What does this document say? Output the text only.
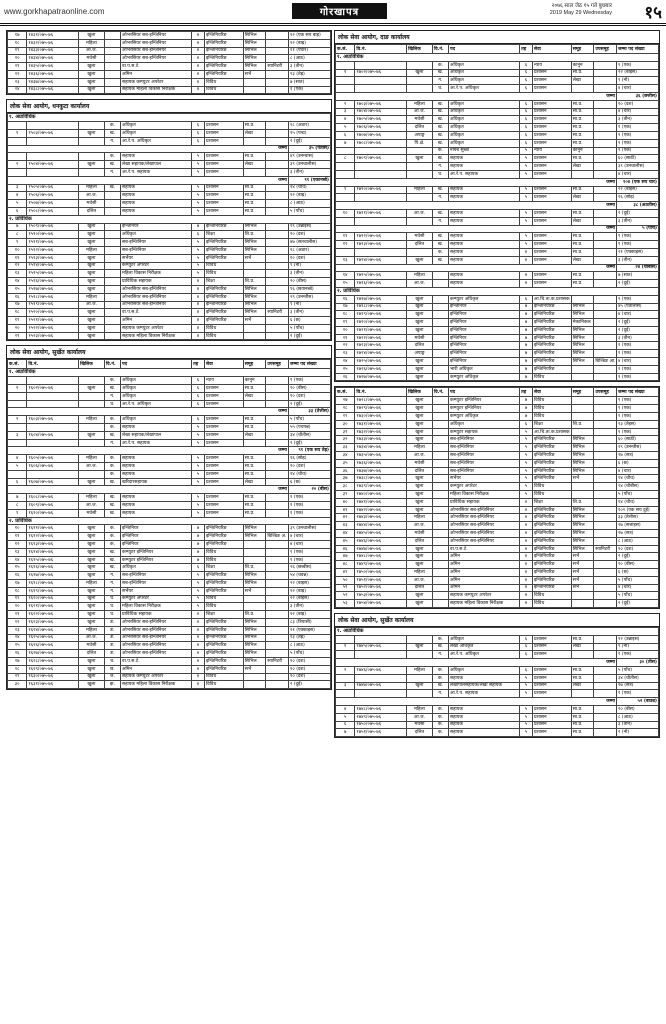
www.gorkhapatraonline.com	गोरखापत्र
२०७६ साल जेठ १५ गते बुधबार
2019 May 29 Wednesday १५
१७	१४३१/०७५-७६	खुला		ओभरसियर सब-इन्जिनियर	४	इन्जिनियरिङ	सिभिल		१२ (एक सय बाह्र)
१८	१४३२/०७५-७६	महिला		ओभरसियर सब-इन्जिनियर	४	इन्जिनियरिङ	सिभिल		१२ (बाह्र)
१९	१४३३/०७५-७६	आ.ज.		ओभरसियर सब-इन्जिनियर	४	इन्जिनियरिङ	सिभिल		११ (एघार)
२०	१४३४/०७५-७६	मधेसी		ओभरसियर सब-इन्जिनियर	४	इन्जिनियरिङ	सिभिल		८ (आठ)
२१	१४३५/०७५-७६	खुला		वा.प.स.टे.	४	इन्जिनियरिङ	सिभिल	स्यानिटरी	३ (तीन)
२२	१४३६/०७५-७६	खुला		अमिन	४	इन्जिनियरिङ	सर्भे		१३ (तेह्र)
२३	१४३७/०७५-७६	खुला		सहायक कम्प्युटर अपरेटर	४	विविध			७ (सात)
२४	१४३८/०७५-७६	खुला		सहायक महिला विकास निरीक्षक	४	विविध			१ (एक)
लोक सेवा आयोग, धनकुटा कार्यालय
१. अप्राविधिक									
			क.	अधिकृत	६	प्रशासन	सा.प्र.		१८ (अठार)
१	१५०३/०७५-७६	खुला	ख.	अधिकृत	६	प्रशासन	लेखा		१५ (पन्ध्र)
			ग.	आ.रे.प. अधिकृत	६	प्रशासन			२ (दुई)
जम्मा									३५ (पैंतीस)
			क.	सहायक	५	प्रशासन	सा.प्र.		४९ (उनन्चास)
२	१५०४/०७५-७६	खुला	ख.	लेखा सहायक/लेखापाल	५	प्रशासन	लेखा		३९ (उनचालीस)
			ग.	आ.रे.प. सहायक	५	प्रशासन			३ (तीन)
जम्मा									९१ (एकानब्बे)
३	१५०५/०७५-७६	महिला	ख.	सहायक	५	प्रशासन	सा.प्र.		१४ (चौध)
४	१५०६/०७५-७६	आ.ज.		सहायक	५	प्रशासन	सा.प्र.		१२ (बाह्र)
५	१५०७/०७५-७६	मधेसी		सहायक	५	प्रशासन	सा.प्र.		८ (आठ)
६	१५०८/०७५-७६	दलित		सहायक	५	प्रशासन	सा.प्र.		५ (पाँच)
२. प्राविधिक									
७	१५०९/०७५-७६	खुला		इन्जिनियर	७	इन्जिनियरिङ	सिभिल		१९ (उन्नाइस)
८	१५१०/०७५-७६	खुला		अधिकृत	६	शिक्षा	शि.प्र.		१० (दश)
९	१५११/०७५-७६	खुला		सब-इन्जिनियर	५	इन्जिनियरिङ	सिभिल		४७ (सतचालीस)
१०	१५१२/०७५-७६	महिला		सब-इन्जिनियर	५	इन्जिनियरिङ	सिभिल		१८ (अठार)
११	१५१३/०७५-७६	खुला		सर्भेयर	५	इन्जिनियरिङ	सर्भे		१० (दश)
१२	१५१४/०७५-७६	खुला		कम्प्युटर अपरेटर	५	विविध			९ (नौ)
१३	१५१५/०७५-७६	खुला		महिला विकास निरीक्षक	५	विविध			३ (तीन)
१४	१५१६/०७५-७६	खुला		प्राविधिक सहायक	४	शिक्षा	शि.प्र.		२० (बीस)
१५	१५१७/०७५-७६	खुला		ओभरसियर सब-इन्जिनियर	४	इन्जिनियरिङ	सिभिल		९६ (छयानब्बे)
१६	१५१८/०७५-७६	महिला		ओभरसियर सब-इन्जिनियर	४	इन्जिनियरिङ	सिभिल		२९ (उनन्तीस)
१७	१५१९/०७५-७६	आ.ज.		ओभरसियर सब-इन्जिनियर	४	इन्जिनियरिङ	सिभिल		९ (नौ)
१८	१५२०/०७५-७६	खुला		वा.प.स.टे.	४	इन्जिनियरिङ	सिभिल	स्यानिटरी	३ (तीन)
१९	१५२१/०७५-७६	खुला		अमिन	४	इन्जिनियरिङ	सर्भे		६ (छ)
२०	१५२२/०७५-७६	खुला		सहायक कम्प्युटर अपरेटर	४	विविध			५ (पाँच)
२१	१५२३/०७५-७६	खुला		सहायक महिला विकास निरीक्षक	४	विविध			२ (दुई)
लोक सेवा आयोग, सुर्खेत कार्यालय
क.सं.	वि.नं.	खिलिक	वि.नं.	पद	तह	सेवा	समूह	उपसमूह	जम्मा पद संख्या
१. अप्राविधिक									
			क.	अधिकृत	६	न्याय	कानुन		१ (एक)
१	१६०२/०७५-७६	खुला	ख.	अधिकृत	६	प्रशासन	सा.प्र.		२० (बीस)
			ग.	अधिकृत	६	प्रशासन	लेखा		१० (दश)
			घ.	आ.रे.प. अधिकृत	६	प्रशासन			२ (दुई)
जम्मा									३३ (तेत्तीस)
२	१६०३/०७५-७६	महिला	क.	अधिकृत	६	प्रशासन	सा.प्र.		५ (पाँच)
			क.	सहायक	५	प्रशासन	सा.प्र.		५५ (पचपन्न)
३	१६०४/०७५-७६	खुला	ख.	लेखा सहायक/लेखापाल	५	प्रशासन	लेखा		३४ (चौतीस)
			ग.	आ.रे.प. सहायक	५	प्रशासन			२ (दुई)
जम्मा									९१ (एक सय तेह्र)
४	१६०५/०७५-७६	महिला	क.	सहायक	५	प्रशासन	सा.प्र.		१६ (सोह्र)
५	१६०६/०७५-७६	आ.ज.	क.	सहायक	५	प्रशासन	सा.प्र.		१० (दश)
			क.	सहायक	५	प्रशासन	सा.प्र.		१४ (चौध)
६	१६०७/०७५-७६	खुला	ख.	खरिदारसहायक	५	प्रशासन	लेखा		६ (छ)
जम्मा									२० (बीस)
७	१६०८/०७५-७६	महिला	ख.	सहायक	५	प्रशासन	सा.प्र.		१ (एक)
८	१६०९/०७५-७६	आ.ज.	ख.	सहायक	५	प्रशासन	सा.प्र.		१ (एक)
९	१६१०/०७५-७६	मधेसी	ख.	सहायक	५	प्रशासन	सा.प्र.		१ (एक)
२. प्राविधिक									
१०	१६११/०७५-७६	खुला	क.	इन्जिनियर	७	इन्जिनियरिङ	सिभिल		३९ (उनचालीस)
११	१६१२/०७५-७६	खुला	क.	इन्जिनियर	७	इन्जिनियरिङ	सिभिल	बिल्डिङ अ.	४ (चार)
१२	१६१३/०७५-७६	खुला	क.	इन्जिनियर	७	इन्जिनियरिङ			४ (चार)
१३	१६१४/०७५-७६	खुला	ख.	कम्प्युटर इन्जिनियर	७	विविध			१ (एक)
१४	१६१५/०७५-७६	खुला	ख.	कम्प्युटर इन्जिनियर	७	विविध			१ (एक)
१५	१६१६/०७५-७६	खुला	ख.	अधिकृत	६	शिक्षा	शि.प्र.		२६ (छब्बीस)
१६	१६१७/०७५-७६	खुला	ग.	सब-इन्जिनियर	५	इन्जिनियरिङ	सिभिल		५४ (चवन्न)
१७	१६१८/०७५-७६	महिला	ग.	सब-इन्जिनियर	५	इन्जिनियरिङ	सिभिल		२२ (बाइस)
१८	१६१९/०७५-७६	खुला	ग.	सर्भेयर	५	इन्जिनियरिङ	सर्भे		१२ (बाह्र)
१९	१६२०/०७५-७६	खुला	घ.	कम्प्युटर अपरेटर	५	विविध			२२ (बाइस)
२०	१६२१/०७५-७६	खुला	घ.	महिला विकास निरीक्षक	५	विविध			३ (तीन)
२१	१६२२/०७५-७६	खुला	घ.	प्राविधिक सहायक	४	शिक्षा	शि.प्र.		१२ (बाह्र)
२२	१६२३/०७५-७६	खुला	ङ.	ओभरसियर सब-इन्जिनियर	४	इन्जिनियरिङ	सिभिल		८३ (त्रियासी)
२३	१६२४/०७५-७६	महिला	ङ.	ओभरसियर सब-इन्जिनियर	४	इन्जिनियरिङ	सिभिल		२१ (एक्काइस)
२४	१६२५/०७५-७६	आ.ज.	ङ.	ओभरसियर सब-इन्जिनियर	४	इन्जिनियरिङ	सिभिल		१३ (तेह्र)
२५	१६२६/०७५-७६	मधेसी	ङ.	ओभरसियर सब-इन्जिनियर	४	इन्जिनियरिङ	सिभिल		८ (आठ)
२६	१६२७/०७५-७६	दलित	ङ.	ओभरसियर सब-इन्जिनियर	४	इन्जिनियरिङ	सिभिल		५ (पाँच)
२७	१६२८/०७५-७६	खुला	च.	वा.प.स.टे.	४	इन्जिनियरिङ	सिभिल	स्यानिटरी	१० (दश)
२८	१६२९/०७५-७६	खुला	छ.	अमिन	४	इन्जिनियरिङ	सर्भे		१० (दश)
२९	१६३०/०७५-७६	खुला	ज.	सहायक कम्प्युटर अपरेटर	४	विविध			१० (दश)
३०	१६३१/०७५-७६	खुला	झ.	सहायक महिला विकास निरीक्षक	४	विविध			२ (दुई)
लोक सेवा आयोग, दाङ कार्यालय
क.सं.	वि.नं.	खिलिक	वि.नं.	पद	तह	सेवा	समूह	उपसमूह	जम्मा पद संख्या
१. अप्राविधिक									
			क.	अधिकृत	६	न्याय	कानुन		१ (एक)
१	१७०२/०७५-७६	खुला	ख.	अधिकृत	६	प्रशासन	सा.प्र.		२२ (बाइस)
			ग.	अधिकृत	६	प्रशासन	लेखा		९ (नौ)
			घ.	आ.रे.प. अधिकृत	६	प्रशासन			४ (चार)
जम्मा									३६ (छत्तीस)
२	१७०३/०७५-७६	महिला	ख.	अधिकृत	६	प्रशासन	सा.प्र.		१० (दश)
३	१७०४/०७५-७६	आ.ज.	ख.	अधिकृत	६	प्रशासन	सा.प्र.		४ (चार)
४	१७०५/०७५-७६	मधेसी	ख.	अधिकृत	६	प्रशासन	सा.प्र.		३ (तीन)
५	१७०६/०७५-७६	दलित	ख.	अधिकृत	६	प्रशासन	सा.प्र.		१ (एक)
६	१७०७/०७५-७६	अपाङ्ग	ख.	अधिकृत	६	प्रशासन	सा.प्र.		१ (एक)
७	१७०८/०७५-७६	पि.क्षे.	ख.	अधिकृत	६	प्रशासन	सा.प्र.		१ (एक)
			क.	नायब सुब्बा	५	न्याय	कानुन		१ (एक)
८	१७०९/०७५-७६	खुला	ख.	सहायक	५	प्रशासन	सा.प्र.		६० (साठी)
			ग.	सहायक	५	प्रशासन	लेखा		३९ (उनचालीस)
			घ.	आ.रे.प. सहायक	५	प्रशासन			४ (चार)
जम्मा									१०४ (एक सय चार)
९	१७१०/०७५-७६	महिला	ख.	सहायक	५	प्रशासन	सा.प्र.		२२ (बाइस)
			ग.	सहायक	५	प्रशासन	लेखा		१६ (सोह्र)
जम्मा									३८ (अठतीस)
१०	१७११/०७५-७६	आ.ज.	ख.	सहायक	५	प्रशासन	सा.प्र.		२ (दुई)
			ग.	सहायक	५	प्रशासन	लेखा		३ (तीन)
जम्मा									५ (पाँच)
११	१७१२/०७५-७६	मधेसी	ख.	सहायक	५	प्रशासन	सा.प्र.		१ (एक)
१२	१७१३/०७५-७६	दलित	ख.	सहायक	५	प्रशासन	सा.प्र.		१ (एक)
			क.	सहायक	४	प्रशासन	सा.प्र.		२१ (एक्काइस)
१३	१७१४/०७५-७६	खुला	ख.	सहायक	४	प्रशासन	लेखा		३ (तीन)
जम्मा									२४ (चौबीस)
१४	१७१५/०७५-७६	महिला		सहायक	४	प्रशासन	सा.प्र.		७ (सात)
१५	१७१६/०७५-७६	आ.ज.		सहायक	४	प्रशासन	सा.प्र.		२ (दुई)
२. प्राविधिक									
१६	१७१७/०७५-७६	खुला		कम्प्युटर अधिकृत	६	आ.चि.ता.क.प्रशासक			१ (एक)
१७	१७१८/०७५-७६	खुला		इन्जिनियर	७	इन्जिनियरिङ	सिभिल		४५ (पैंतालीस)
१८	१७१९/०७५-७६	खुला		इन्जिनियर	७	इन्जिनियरिङ	सिभिल		४ (चार)
१९	१७२०/०७५-७६	खुला		इन्जिनियर	७	इन्जिनियरिङ	मेकानिकल		२ (दुई)
२०	१७२१/०७५-७६	खुला		इन्जिनियर	७	इन्जिनियरिङ	सिभिल		२ (दुई)
२१	१७२२/०७५-७६	मधेसी		इन्जिनियर	७	इन्जिनियरिङ	सिभिल		३ (तीन)
२२	१७२३/०७५-७६	दलित		इन्जिनियर	७	इन्जिनियरिङ	सिभिल		१ (एक)
२३	१७२४/०७५-७६	अपाङ्ग		इन्जिनियर	७	इन्जिनियरिङ	सिभिल		१ (एक)
२४	१७२५/०७५-७६	खुला		इन्जिनियर	७	इन्जिनियरिङ	सिभिल	बिल्डिङ आ.	४ (चार)
२५	१७२६/०७५-७६	खुला		भारी अधिकृत	७	इन्जिनियरिङ			१ (एक)
२६	१७२७/०७५-७६	खुला		कम्प्युटर अधिकृत	७	विविध			१ (एक)
क.सं.	वि.नं.	खिलिक	वि.नं.	पद	तह	सेवा	समूह	उपसमूह	जम्मा पद संख्या
२७	१७२८/०७५-७६	खुला		कम्प्युटर इन्जिनियर	७	विविध			१ (एक)
२८	१७२९/०७५-७६	खुला		कम्प्युटर इन्जिनियर	७	विविध			१ (एक)
२९	१७३०/०७५-७६	खुला		कम्प्युटर अधिकृत	७	विविध			१ (एक)
३०	१७३१/०७५-७६	खुला		अधिकृत	६	शिक्षा	शि.प्र.		२३ (तेइस)
३१	१७३२/०७५-७६	खुला		कम्प्युटर सहायक	५	आ.चि.ता.क.प्रशासक			१ (एक)
३२	१७३३/०७५-७६	खुला		सब-इन्जिनियर	५	इन्जिनियरिङ	सिभिल		६० (साठी)
३३	१७३४/०७५-७६	महिला		सब-इन्जिनियर	५	इन्जिनियरिङ	सिभिल		२९ (उनन्तीस)
३४	१७३५/०७५-७६	आ.ज.		सब-इन्जिनियर	५	इन्जिनियरिङ	सिभिल		१७ (सत्र)
३५	१७३६/०७५-७६	मधेसी		सब-इन्जिनियर	५	इन्जिनियरिङ	सिभिल		६ (छ)
३६	१७३७/०७५-७६	दलित		सब-इन्जिनियर	५	इन्जिनियरिङ	सिभिल		४ (चार)
३७	१७३८/०७५-७६	खुला		सर्भेयर	५	इन्जिनियरिङ	सर्भे		१४ (चौध)
३८	१७३९/०७५-७६	खुला		कम्प्युटर अपरेटर	५	विविध			२४ (चौबीस)
३९	१७४०/०७५-७६	खुला		महिला विकास निरीक्षक	५	विविध			५ (पाँच)
४०	१७४१/०७५-७६	खुला		प्राविधिक सहायक	४	शिक्षा	शि.प्र.		१४ (चौध)
४१	१७४२/०७५-७६	खुला		ओभरसियर सब-इन्जिनियर	४	इन्जिनियरिङ	सिभिल		१०२ (एक सय दुई)
४२	१७४३/०७५-७६	महिला		ओभरसियर सब-इन्जिनियर	४	इन्जिनियरिङ	सिभिल		३३ (तेत्तीस)
४३	१७४४/०७५-७६	आ.ज.		ओभरसियर सब-इन्जिनियर	४	इन्जिनियरिङ	सिभिल		२७ (सत्ताइस)
४४	१७४५/०७५-७६	मधेसी		ओभरसियर सब-इन्जिनियर	४	इन्जिनियरिङ	सिभिल		१७ (सत्र)
४५	१७४६/०७५-७६	दलित		ओभरसियर सब-इन्जिनियर	४	इन्जिनियरिङ	सिभिल		८ (आठ)
४६	१७४७/०७५-७६	खुला		वा.प.स.टे.	४	इन्जिनियरिङ	सिभिल	स्यानिटरी	१० (दश)
४७	१७४८/०७५-७६	खुला		अमिन	४	इन्जिनियरिङ	सर्भे		२ (दुई)
४८	१७४९/०७५-७६	खुला		अमिन	४	इन्जिनियरिङ	सर्भे		२० (बीस)
४९	१७५०/०७५-७६	महिला		अमिन	४	इन्जिनियरिङ	सर्भे		६ (छ)
५०	१७५१/०७५-७६	आ.ज.		अमिन	४	इन्जिनियरिङ	सर्भे		५ (पाँच)
५१	१७५२/०७५-७६	दलित		अमिन	४	इन्जिनियरिङ	सर्भे		४ (चार)
५२	१७५३/०७५-७६	खुला		सहायक कम्प्युटर अपरेटर	४	विविध			५ (पाँच)
५३	१७५४/०७५-७६	खुला		सहायक महिला विकास निरीक्षक	४	विविध			२ (दुई)
लोक सेवा आयोग, सुर्खेत कार्यालय
१. अप्राविधिक									
			क.	अधिकृत	६	प्रशासन	सा.प्र.		१२ (उन्नाइस)
१	१७४५/०७५-७६	खुला	ख.	लेखा अधिकृत	६	प्रशासन	लेखा		९ (नौ)
			ग.	आ.रे.प. अधिकृत	६	प्रशासन			१ (एक)
जम्मा									३० (तीस)
२	१७४६/०७५-७६	महिला	क.	अधिकृत	६	प्रशासन	सा.प्र.		५ (पाँच)
			क.	सहायक	५	प्रशासन	सा.प्र.		३४ (चौतीस)
३	१७४७/०७५-७६	खुला	ख.	लेखापालसहायक/लेखा सहायक	५	प्रशासन	लेखा		१७ (सत्र)
			ग.	आ.रे.प. सहायक	५	प्रशासन			१ (एक)
जम्मा									५२ (बाउन्न)
४	१७४८/०७५-७६	महिला	क.	सहायक	५	प्रशासन	सा.प्र.		२० (बीस)
५	१७४९/०७५-७६	आ.ज.	क.	सहायक	५	प्रशासन	सा.प्र.		८ (आठ)
६	१७५०/०७५-७६	मधेसी	क.	सहायक	५	प्रशासन	सा.प्र.		३ (तीन)
७	१७५१/०७५-७६	दलित	क.	सहायक	५	प्रशासन	सा.प्र.		२ (नौ)
